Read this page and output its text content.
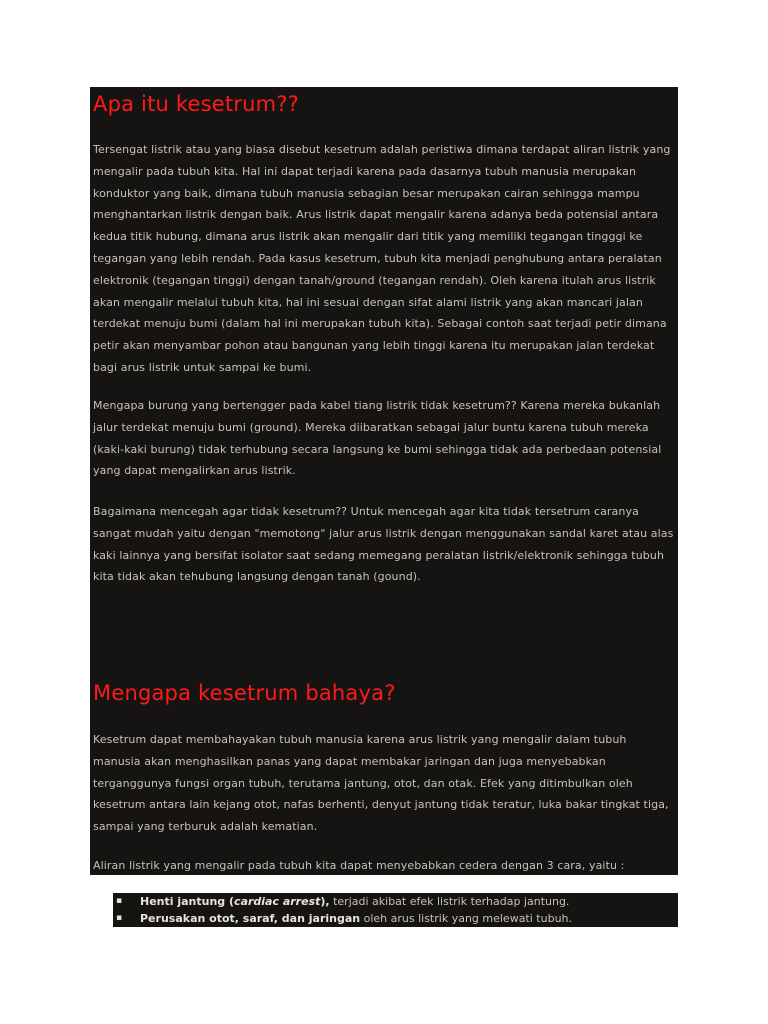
Apa itu kesetrum??

Tersengat listrik atau yang biasa disebut kesetrum adalah peristiwa dimana terdapat aliran listrik yang mengalir pada tubuh kita. Hal ini dapat terjadi karena pada dasarnya tubuh manusia merupakan konduktor yang baik, dimana tubuh manusia sebagian besar merupakan cairan sehingga mampu menghantarkan listrik dengan baik. Arus listrik dapat mengalir karena adanya beda potensial antara kedua titik hubung, dimana arus listrik akan mengalir dari titik yang memiliki tegangan tingggi ke tegangan yang lebih rendah. Pada kasus kesetrum, tubuh kita menjadi penghubung antara peralatan elektronik (tegangan tinggi) dengan tanah/ground (tegangan rendah). Oleh karena itulah arus listrik akan mengalir melalui tubuh kita, hal ini sesuai dengan sifat alami listrik yang akan mancari jalan terdekat menuju bumi (dalam hal ini merupakan tubuh kita). Sebagai contoh saat terjadi petir dimana petir akan menyambar pohon atau bangunan yang lebih tinggi karena itu merupakan jalan terdekat bagi arus listrik untuk sampai ke bumi.

Mengapa burung yang bertengger pada kabel tiang listrik tidak kesetrum?? Karena mereka bukanlah jalur terdekat menuju bumi (ground). Mereka diibaratkan sebagai jalur buntu karena tubuh mereka (kaki-kaki burung) tidak terhubung secara langsung ke bumi sehingga tidak ada perbedaan potensial yang dapat mengalirkan arus listrik.

Bagaimana mencegah agar tidak kesetrum?? Untuk mencegah agar kita tidak tersetrum caranya sangat mudah yaitu dengan "memotong" jalur arus listrik dengan menggunakan sandal karet atau alas kaki lainnya yang bersifat isolator saat sedang memegang peralatan listrik/elektronik sehingga tubuh kita tidak akan tehubung langsung dengan tanah (gound).

Mengapa kesetrum bahaya?

Kesetrum dapat membahayakan tubuh manusia karena arus listrik yang mengalir dalam tubuh manusia akan menghasilkan panas yang dapat membakar jaringan dan juga menyebabkan terganggunya fungsi organ tubuh, terutama jantung, otot, dan otak. Efek yang ditimbulkan oleh kesetrum antara lain kejang otot, nafas berhenti, denyut jantung tidak teratur, luka bakar tingkat tiga, sampai yang terburuk adalah kematian.

Aliran listrik yang mengalir pada tubuh kita dapat menyebabkan cedera dengan 3 cara, yaitu :

▪ Henti jantung (cardiac arrest), terjadi akibat efek listrik terhadap jantung.
▪ Perusakan otot, saraf, dan jaringan oleh arus listrik yang melewati tubuh.
